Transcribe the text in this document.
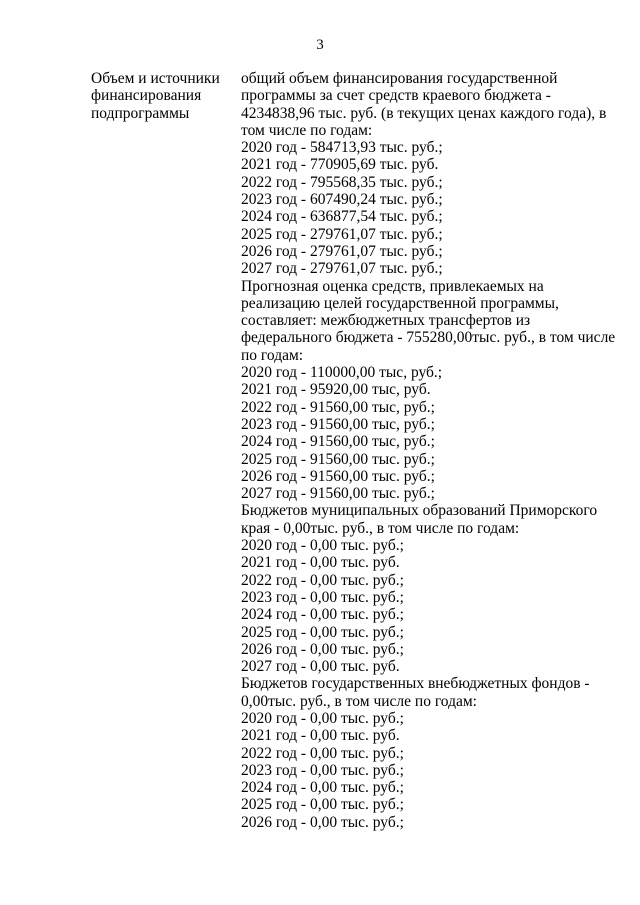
3
Объем и источники
финансирования
подпрограммы
общий объем финансирования государственной
программы за счет средств краевого бюджета -
4234838,96 тыс. руб. (в текущих ценах каждого года), в
том числе по годам:
2020 год - 584713,93 тыс. руб.;
2021 год - 770905,69 тыс. руб.
2022 год - 795568,35 тыс. руб.;
2023 год - 607490,24 тыс. руб.;
2024 год - 636877,54 тыс. руб.;
2025 год - 279761,07 тыс. руб.;
2026 год - 279761,07 тыс. руб.;
2027 год - 279761,07 тыс. руб.;
Прогнозная оценка средств, привлекаемых на
реализацию целей государственной программы,
составляет: межбюджетных трансфертов из
федерального бюджета - 755280,00тыс. руб., в том числе
по годам:
2020 год - 110000,00 тыс, руб.;
2021 год - 95920,00 тыс, руб.
2022 год - 91560,00 тыс, руб.;
2023 год - 91560,00 тыс, руб.;
2024 год - 91560,00 тыс, руб.;
2025 год - 91560,00 тыс. руб.;
2026 год - 91560,00 тыс. руб.;
2027 год - 91560,00 тыс. руб.;
Бюджетов муниципальных образований Приморского
края - 0,00тыс. руб., в том числе по годам:
2020 год - 0,00 тыс. руб.;
2021 год - 0,00 тыс. руб.
2022 год - 0,00 тыс. руб.;
2023 год - 0,00 тыс. руб.;
2024 год - 0,00 тыс. руб.;
2025 год - 0,00 тыс. руб.;
2026 год - 0,00 тыс. руб.;
2027 год - 0,00 тыс. руб.
Бюджетов государственных внебюджетных фондов -
0,00тыс. руб., в том числе по годам:
2020 год - 0,00 тыс. руб.;
2021 год - 0,00 тыс. руб.
2022 год - 0,00 тыс. руб.;
2023 год - 0,00 тыс. руб.;
2024 год - 0,00 тыс. руб.;
2025 год - 0,00 тыс. руб.;
2026 год - 0,00 тыс. руб.;
